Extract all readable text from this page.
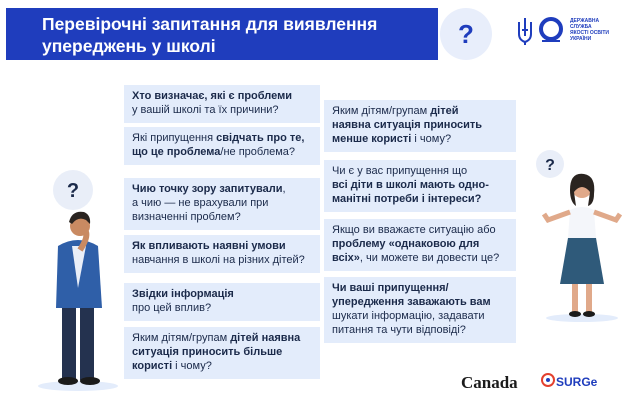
Перевірочні запитання для виявлення
упереджень у школі	?	ДЕРЖАВНА
СЛУЖБА
ЯКОСТІ ОСВІТИ
УКРАЇНИ
Хто визначає, які є проблеми
у вашій школі та їх причини?
Які припущення свідчать про те,
що це проблема/не проблема?
Чию точку зору запитували,
а чию — не врахували при
визначенні проблем?
Як впливають наявні умови
навчання в школі на різних дітей?
Звідки інформація
про цей вплив?
Яким дітям/групам дітей наявна
ситуація приносить більше
користі і чому?
Яким дітям/групам дітей
наявна ситуація приносить
менше користі і чому?
Чи є у вас припущення що
всі діти в школі мають одно-
манітні потреби і інтереси?
Якщо ви вважаєте ситуацію або
проблему «однаковою для
всіх», чи можете ви довести це?
Чи ваші припущення/
упередження заважають вам
шукати інформацію, задавати
питання та чути відповіді?
?
?
Canada	SURGe
